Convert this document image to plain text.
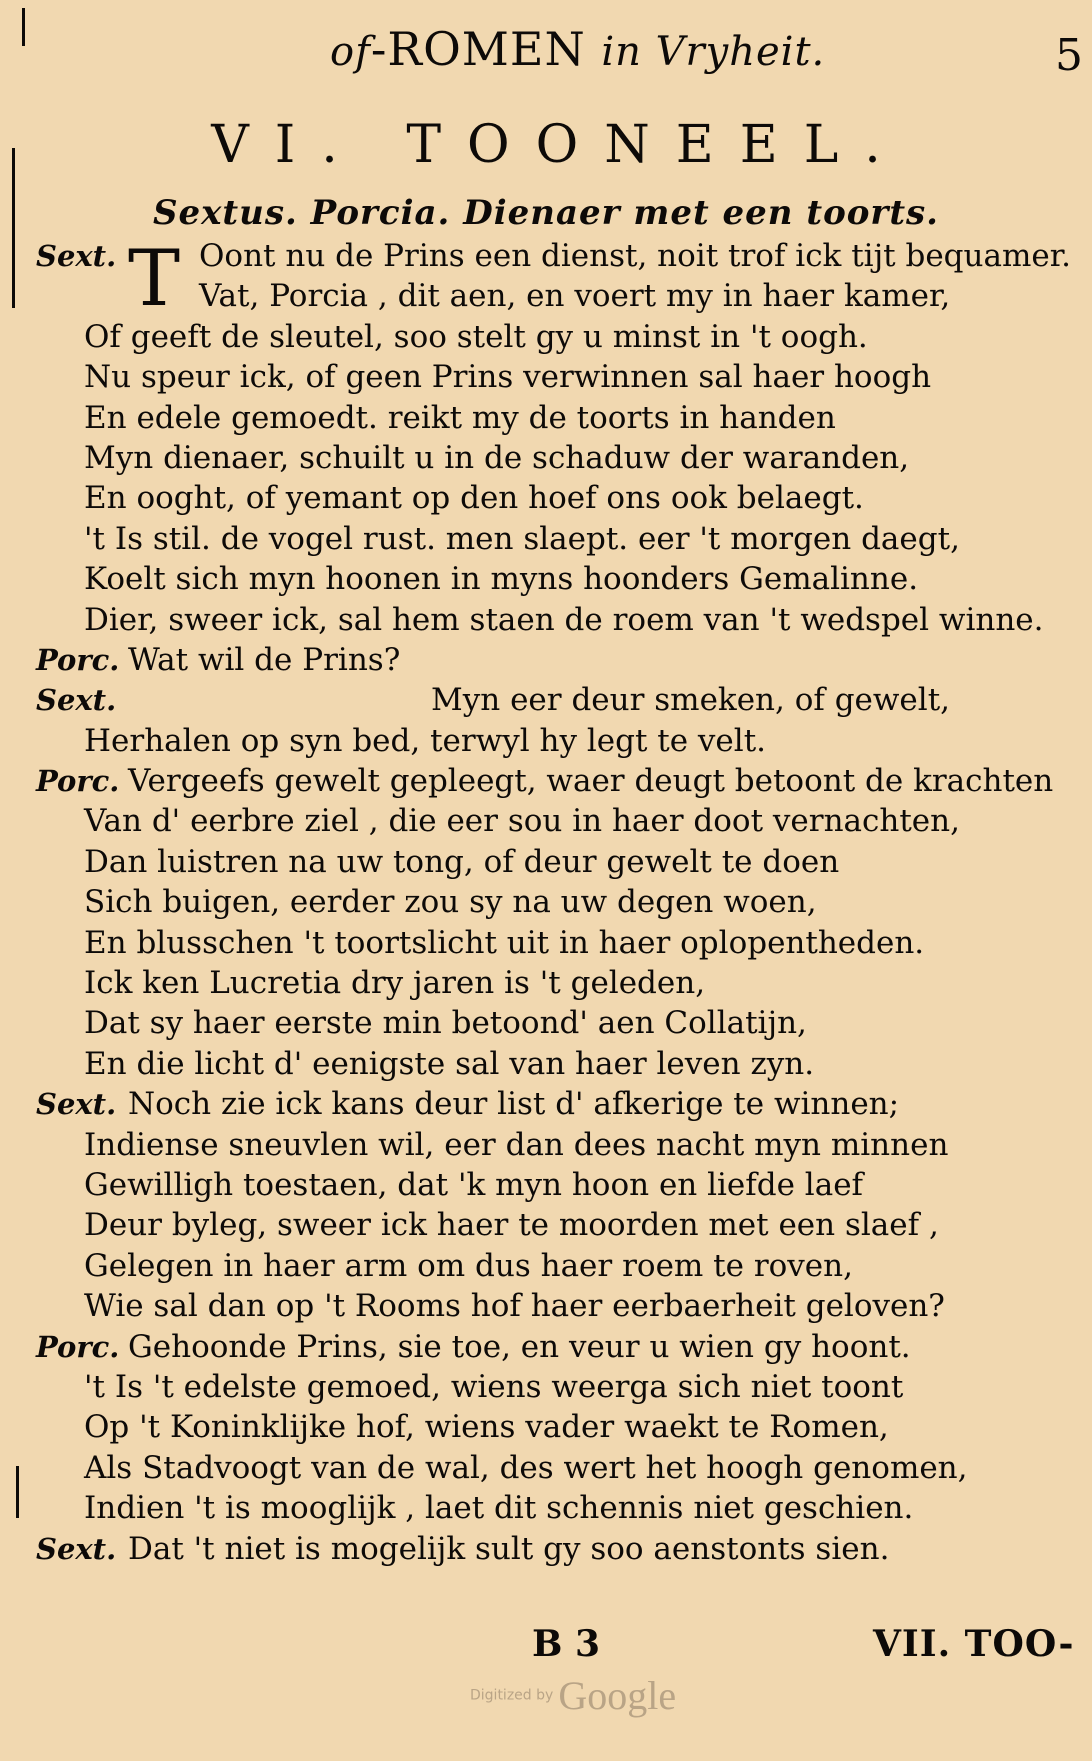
of-ROMEN in Vryheit.	5
VI. TOONEEL.
Sextus. Porcia. Dienaer met een toorts.
Sext. T Oont nu de Prins een dienst, noit trof ick tijt bequamer.
Vat, Porcia , dit aen, en voert my in haer kamer,
Of geeft de sleutel, soo stelt gy u minst in 't oogh.
Nu speur ick, of geen Prins verwinnen sal haer hoogh
En edele gemoedt. reikt my de toorts in handen
Myn dienaer, schuilt u in de schaduw der waranden,
En ooght, of yemant op den hoef ons ook belaegt.
't Is stil. de vogel rust. men slaept. eer 't morgen daegt,
Koelt sich myn hoonen in myns hoonders Gemalinne.
Dier, sweer ick, sal hem staen de roem van 't wedspel winne.
Porc. Wat wil de Prins?
Sext.	Myn eer deur smeken, of gewelt,
Herhalen op syn bed, terwyl hy legt te velt.
Porc. Vergeefs gewelt gepleegt, waer deugt betoont de krachten
Van d' eerbre ziel , die eer sou in haer doot vernachten,
Dan luistren na uw tong, of deur gewelt te doen
Sich buigen, eerder zou sy na uw degen woen,
En blusschen 't toortslicht uit in haer oplopentheden.
Ick ken Lucretia dry jaren is 't geleden,
Dat sy haer eerste min betoond' aen Collatijn,
En die licht d' eenigste sal van haer leven zyn.
Sext. Noch zie ick kans deur list d' afkerige te winnen;
Indiense sneuvlen wil, eer dan dees nacht myn minnen
Gewilligh toestaen, dat 'k myn hoon en liefde laef
Deur byleg, sweer ick haer te moorden met een slaef ,
Gelegen in haer arm om dus haer roem te roven,
Wie sal dan op 't Rooms hof haer eerbaerheit geloven?
Porc. Gehoonde Prins, sie toe, en veur u wien gy hoont.
't Is 't edelste gemoed, wiens weerga sich niet toont
Op 't Koninklijke hof, wiens vader waekt te Romen,
Als Stadvoogt van de wal, des wert het hoogh genomen,
Indien 't is mooglijk , laet dit schennis niet geschien.
Sext. Dat 't niet is mogelijk sult gy soo aenstonts sien.
B 3	VII. TOO-
Digitized by Google
